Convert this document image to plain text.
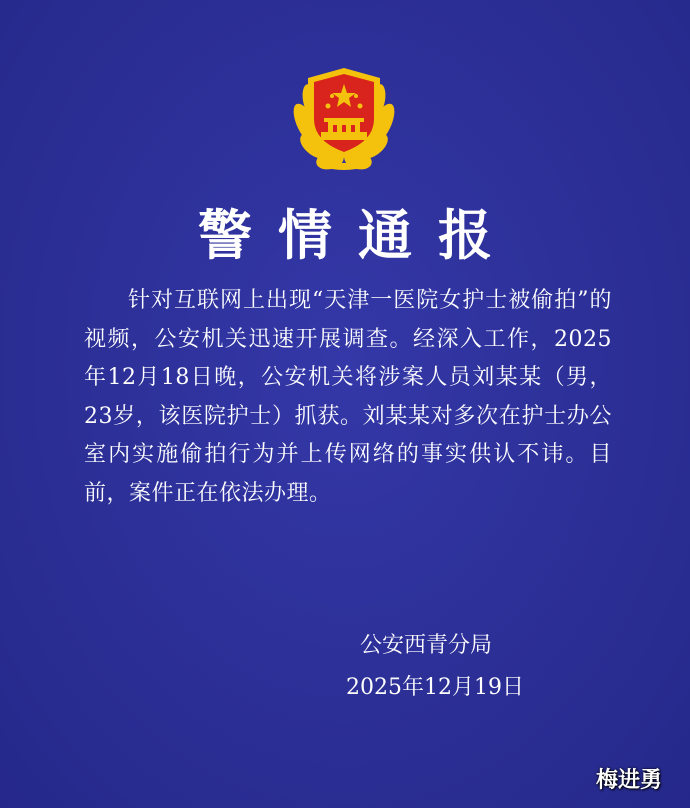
警情通报
针对互联网上出现“天津一医院女护士被偷拍”的视频，公安机关迅速开展调查。经深入工作，2025年12月18日晚，公安机关将涉案人员刘某某（男，23岁，该医院护士）抓获。刘某某对多次在护士办公室内实施偷拍行为并上传网络的事实供认不讳。目前，案件正在依法办理。
公安西青分局
2025年12月19日
梅进勇
